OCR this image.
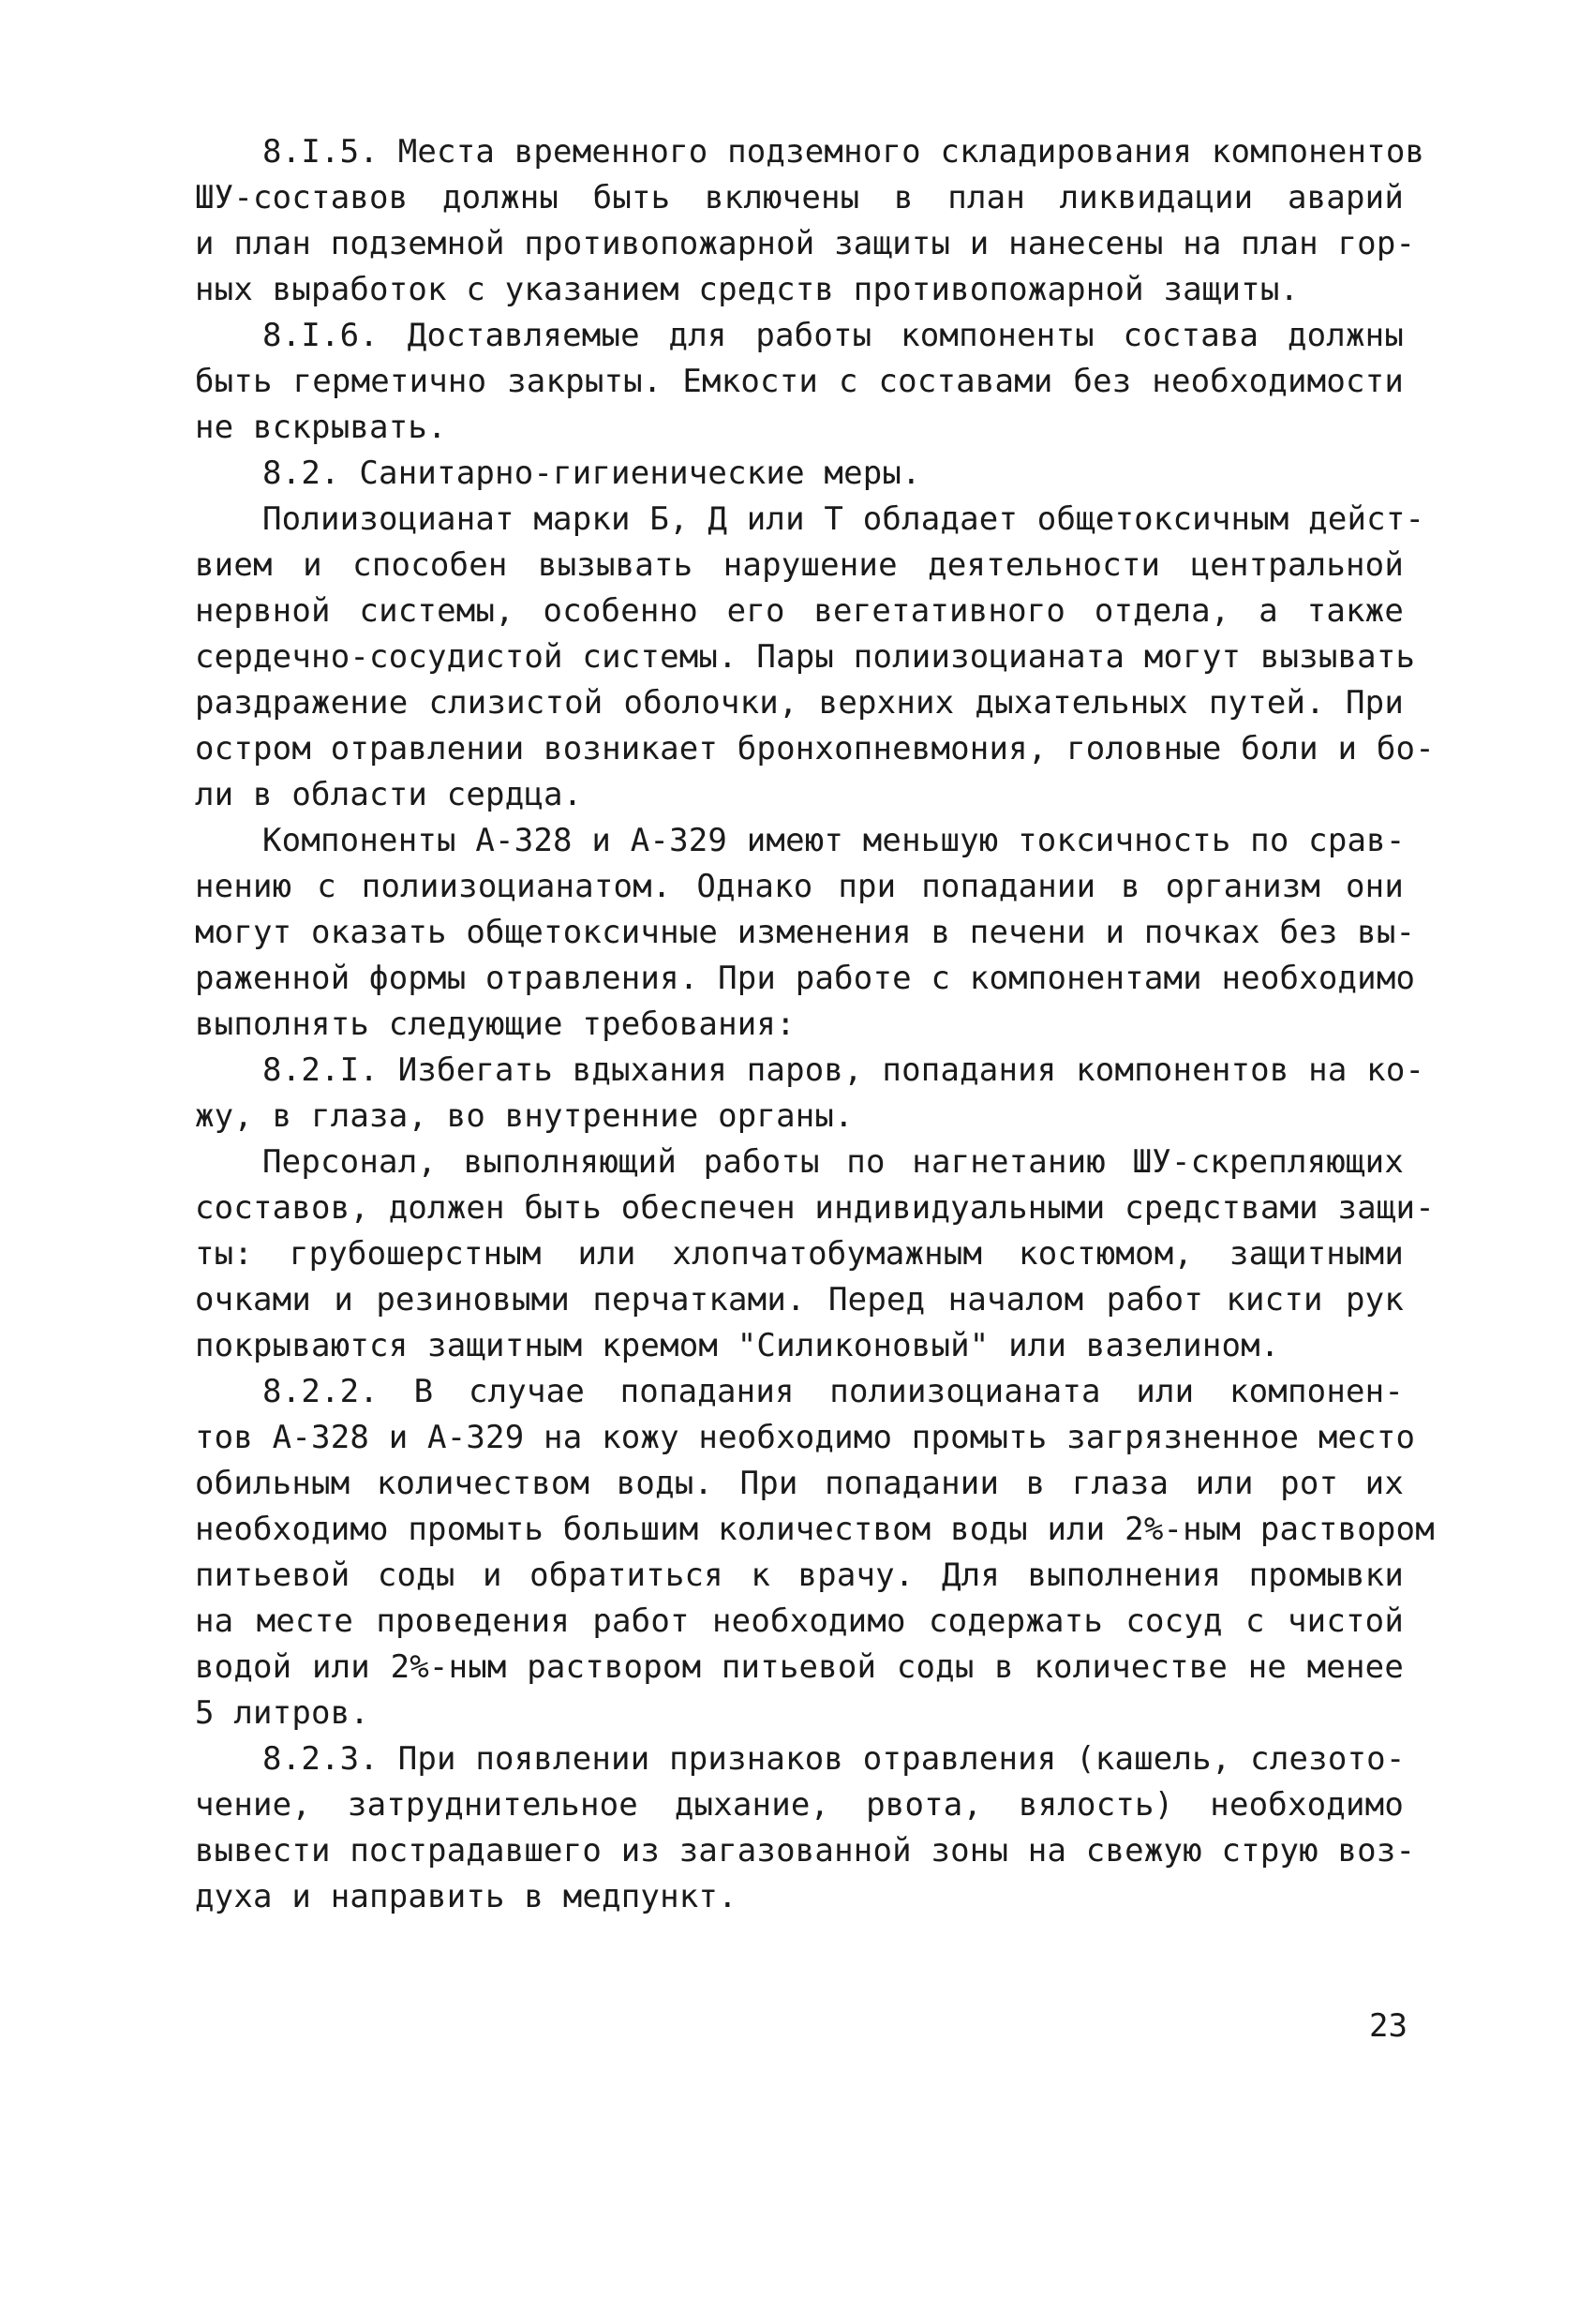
8.I.5. Места временного подземного складирования компонентов
ШУ-составов должны быть включены в план ликвидации аварий
и план подземной противопожарной защиты и нанесены на план гор-
ных выработок с указанием средств противопожарной защиты.
8.I.6. Доставляемые для работы компоненты состава должны
быть герметично закрыты. Емкости с составами без необходимости
не вскрывать.
8.2. Санитарно-гигиенические меры.
Полиизоцианат марки Б, Д или Т обладает общетоксичным дейст-
вием и способен вызывать нарушение деятельности центральной
нервной системы, особенно его вегетативного отдела, а также
сердечно-сосудистой системы. Пары полиизоцианата могут вызывать
раздражение слизистой оболочки, верхних дыхательных путей. При
остром отравлении возникает бронхопневмония, головные боли и бо-
ли в области сердца.
Компоненты А-328 и А-329 имеют меньшую токсичность по срав-
нению с полиизоцианатом. Однако при попадании в организм они
могут оказать общетоксичные изменения в печени и почках без вы-
раженной формы отравления. При работе с компонентами необходимо
выполнять следующие требования:
8.2.I. Избегать вдыхания паров, попадания компонентов на ко-
жу, в глаза, во внутренние органы.
Персонал, выполняющий работы по нагнетанию ШУ-скрепляющих
составов, должен быть обеспечен индивидуальными средствами защи-
ты: грубошерстным или хлопчатобумажным костюмом, защитными
очками и резиновыми перчатками. Перед началом работ кисти рук
покрываются защитным кремом "Силиконовый" или вазелином.
8.2.2. В случае попадания полиизоцианата или компонен-
тов А-328 и А-329 на кожу необходимо промыть загрязненное место
обильным количеством воды. При попадании в глаза или рот их
необходимо промыть большим количеством воды или 2%-ным раствором
питьевой соды и обратиться к врачу. Для выполнения промывки
на месте проведения работ необходимо содержать сосуд с чистой
водой или 2%-ным раствором питьевой соды в количестве не менее
5 литров.
8.2.3. При появлении признаков отравления (кашель, слезото-
чение, затруднительное дыхание, рвота, вялость) необходимо
вывести пострадавшего из загазованной зоны на свежую струю воз-
духа и направить в медпункт.
23
